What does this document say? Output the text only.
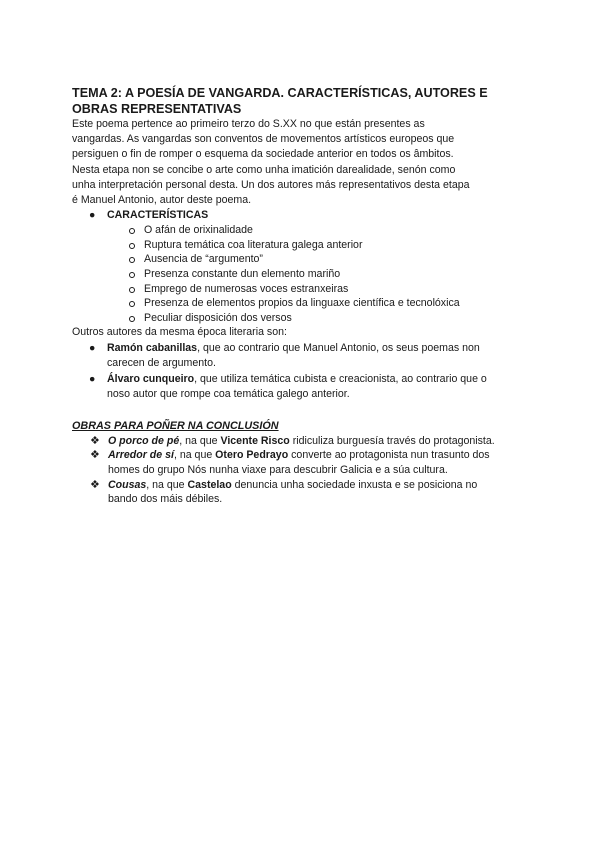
TEMA 2: A POESÍA DE VANGARDA. CARACTERÍSTICAS, AUTORES E OBRAS REPRESENTATIVAS

Este poema pertence ao primeiro terzo do S.XX no que están presentes as
vangardas. As vangardas son conventos de movementos artísticos europeos que
persiguen o fin de romper o esquema da sociedade anterior en todos os âmbitos.
Nesta etapa non se concibe o arte como unha imatición darealidade, senón como
unha interpretación personal desta. Un dos autores más representativos desta etapa
é Manuel Antonio, autor deste poema.

● CARACTERÍSTICAS
O afán de orixinalidade
Ruptura temática coa literatura galega anterior
Ausencia de “argumento”
Presenza constante dun elemento mariño
Emprego de numerosas voces estranxeiras
Presenza de elementos propios da linguaxe científica e tecnolóxica
Peculiar disposición dos versos

Outros autores da mesma época literaria son:

● Ramón cabanillas, que ao contrario que Manuel Antonio, os seus poemas non
carecen de argumento.
● Álvaro cunqueiro, que utiliza temática cubista e creacionista, ao contrario que o
noso autor que rompe coa temática galego anterior.

OBRAS PARA POÑER NA CONCLUSIÓN

❖ O porco de pé, na que Vicente Risco ridiculiza burguesía través do protagonista.
❖ Arredor de sí, na que Otero Pedrayo converte ao protagonista nun trasunto dos
homes do grupo Nós nunha viaxe para descubrir Galicia e a súa cultura.
❖ Cousas, na que Castelao denuncia unha sociedade inxusta e se posiciona no
bando dos máis débiles.
